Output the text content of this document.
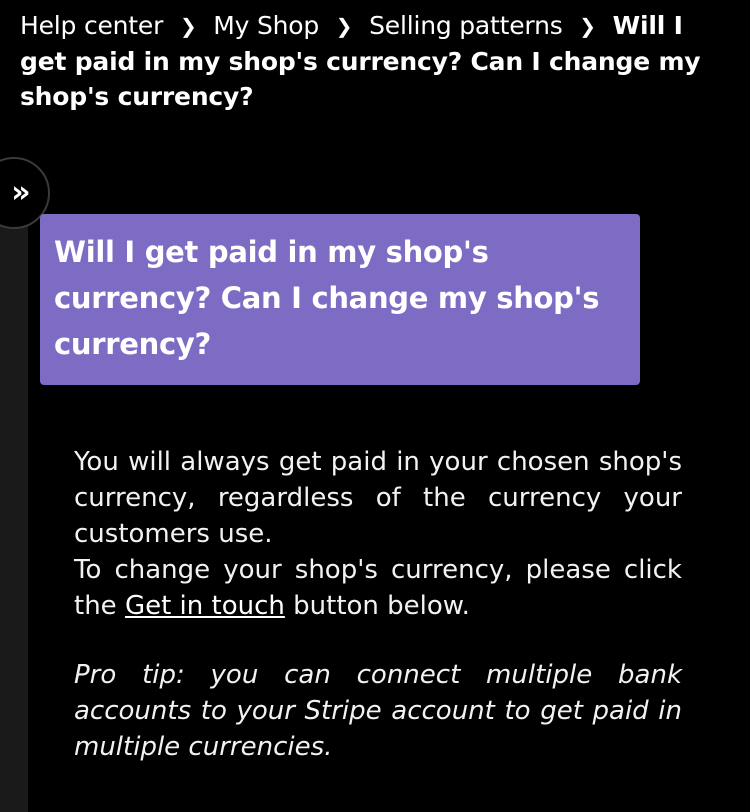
Help center ❯ My Shop ❯ Selling patterns ❯ Will I get paid in my shop's currency? Can I change my shop's currency?
»
Will I get paid in my shop's currency? Can I change my shop's currency?

You will always get paid in your chosen shop's currency, regardless of the currency your customers use.

To change your shop's currency, please click the Get in touch button below.

Pro tip: you can connect multiple bank accounts to your Stripe account to get paid in multiple currencies.
